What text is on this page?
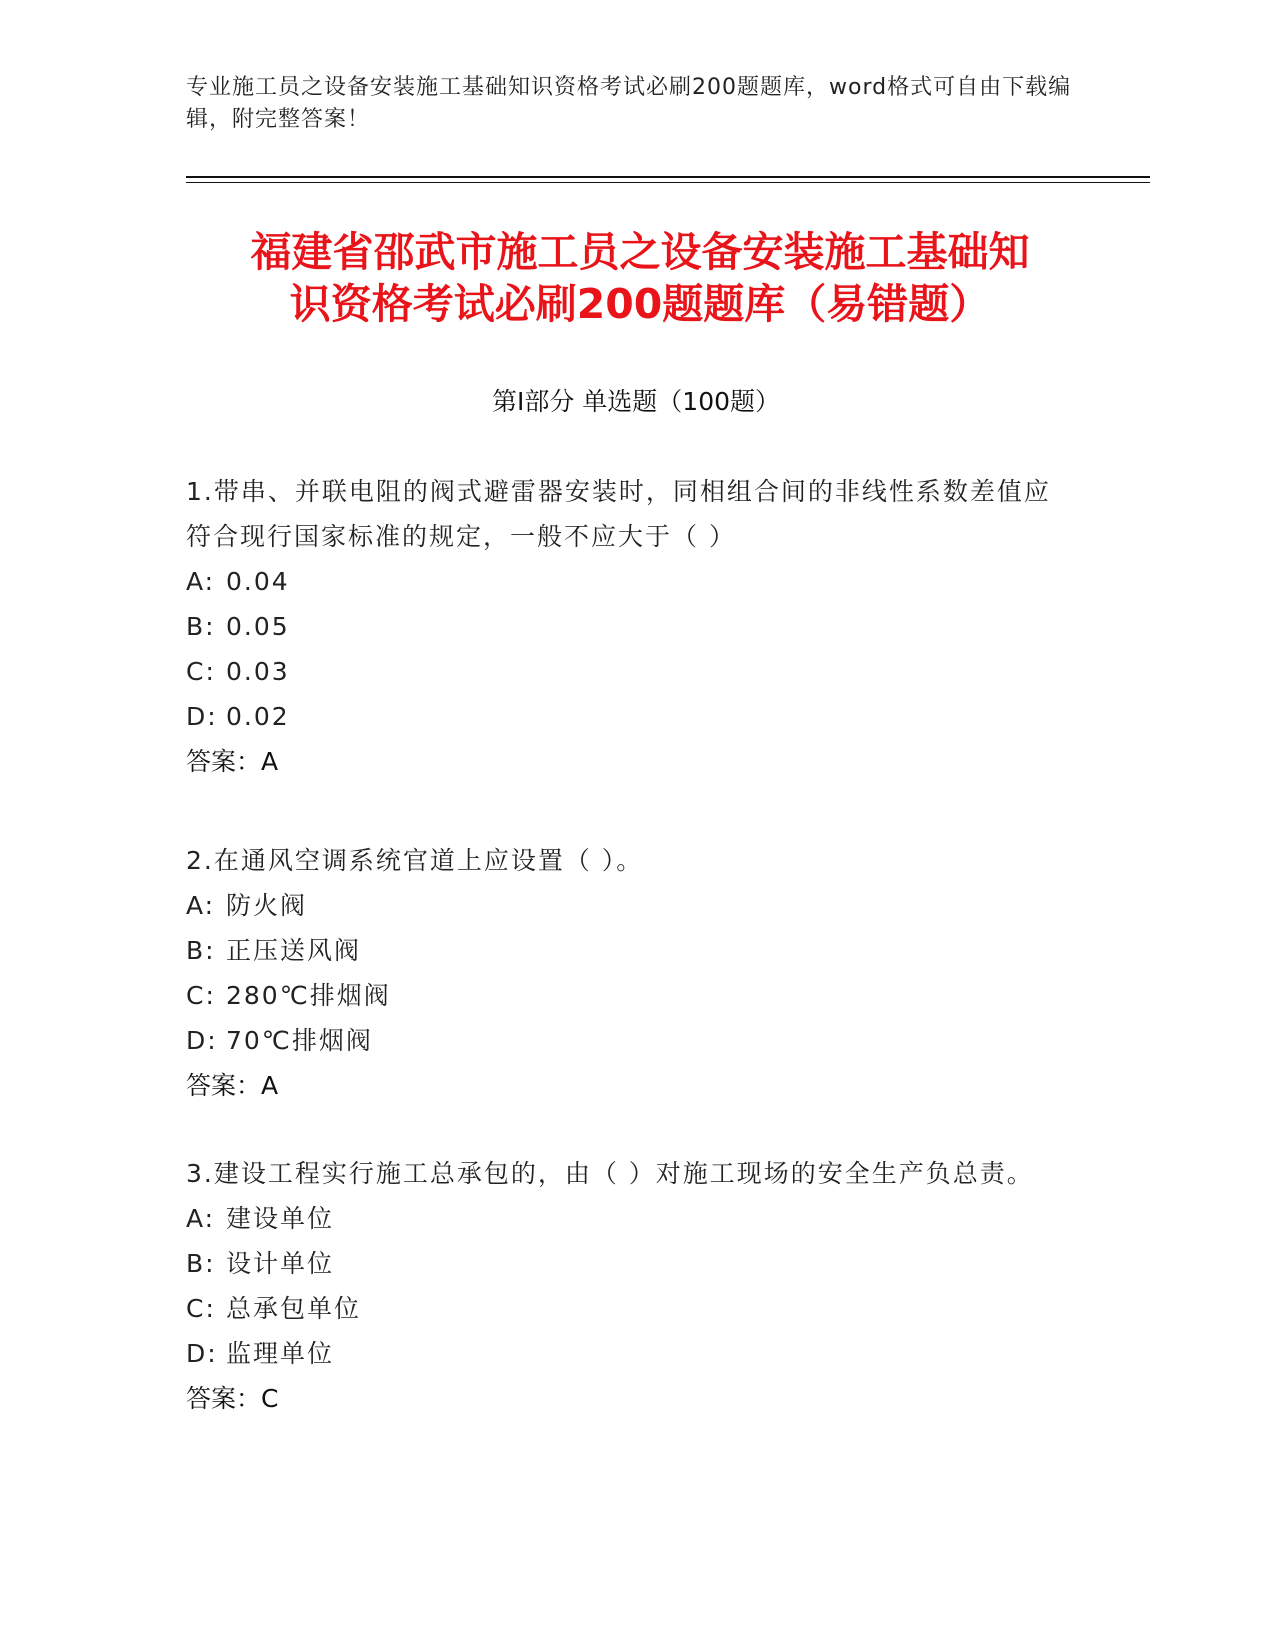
专业施工员之设备安装施工基础知识资格考试必刷200题题库，word格式可自由下载编辑，附完整答案！

福建省邵武市施工员之设备安装施工基础知
识资格考试必刷200题题库（易错题）
第Ⅰ部分 单选题（100题）

1.带串、并联电阻的阀式避雷器安装时，同相组合间的非线性系数差值应符合现行国家标准的规定，一般不应大于（ ）

A: 0.04
B: 0.05
C: 0.03
D: 0.02
答案：A

2.在通风空调系统官道上应设置（ ）。

A: 防火阀
B: 正压送风阀
C: 280℃排烟阀
D: 70℃排烟阀
答案：A

3.建设工程实行施工总承包的，由（ ）对施工现场的安全生产负总责。

A: 建设单位
B: 设计单位
C: 总承包单位
D: 监理单位
答案：C
